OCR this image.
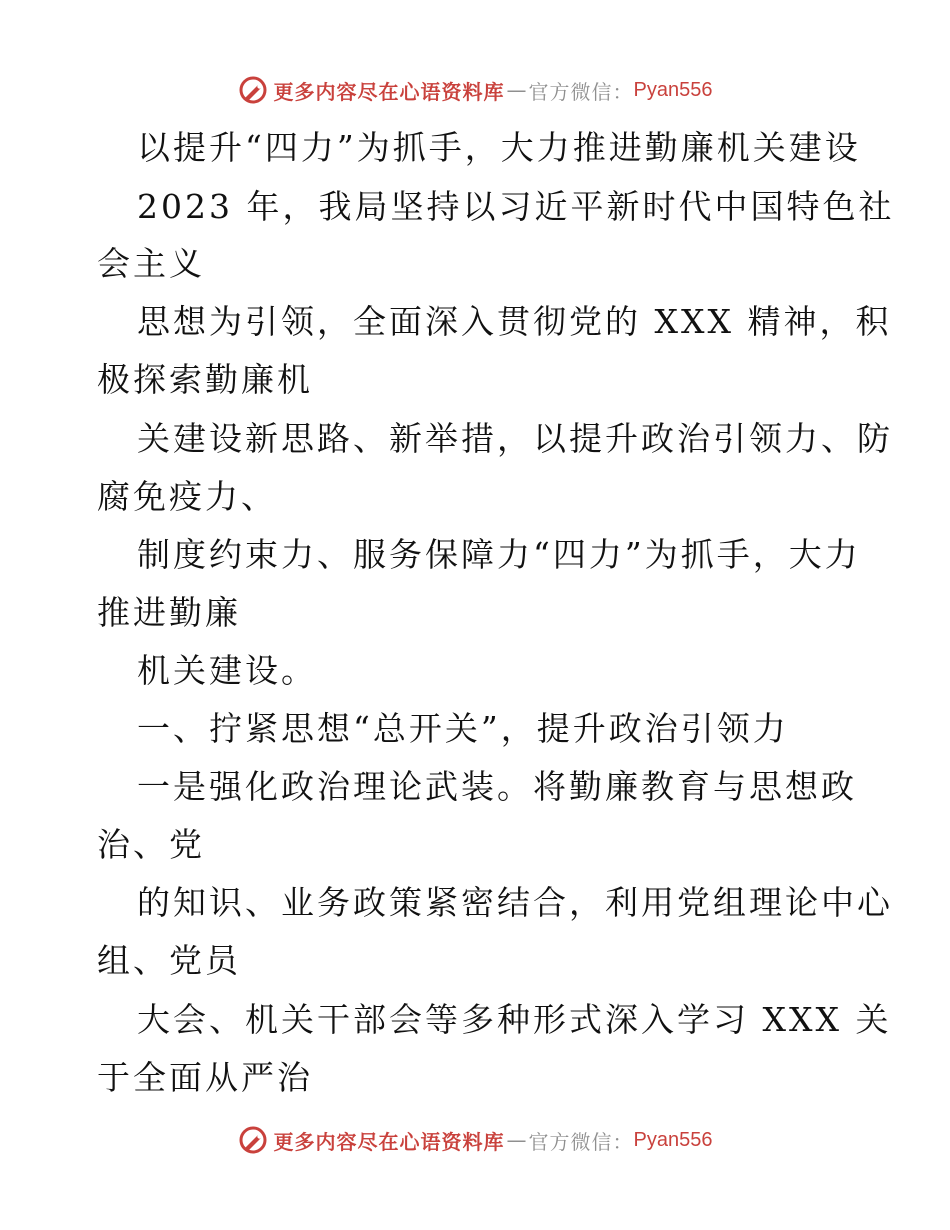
更多内容尽在心语资料库 — 官方微信： Pyan556
以提升“四力”为抓手，大力推进勤廉机关建设
2023 年，我局坚持以习近平新时代中国特色社
会主义
思想为引领，全面深入贯彻党的 XXX 精神，积
极探索勤廉机
关建设新思路、新举措，以提升政治引领力、防
腐免疫力、
制度约束力、服务保障力“四力”为抓手，大力
推进勤廉
机关建设。
一、拧紧思想“总开关”，提升政治引领力
一是强化政治理论武装。将勤廉教育与思想政
治、党
的知识、业务政策紧密结合，利用党组理论中心
组、党员
大会、机关干部会等多种形式深入学习 XXX 关
于全面从严治
更多内容尽在心语资料库 — 官方微信： Pyan556
